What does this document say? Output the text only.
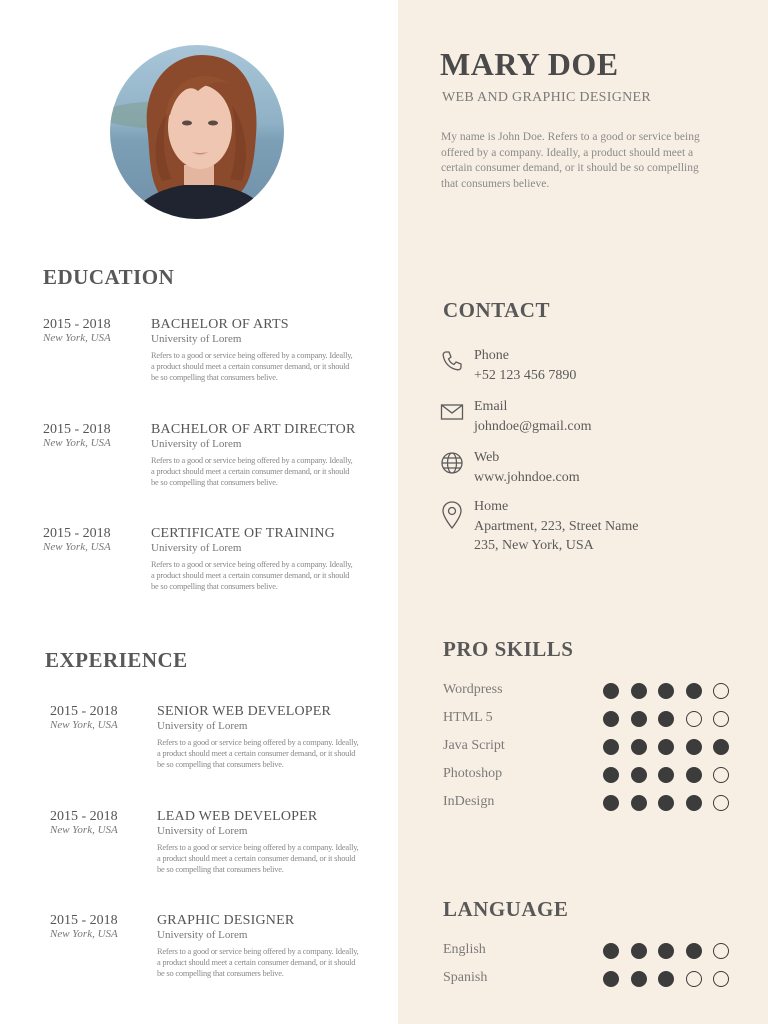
EDUCATION
2015 - 2018
New York, USA
BACHELOR OF ARTS
University of Lorem
Refers to a good or service being offered by a company. Ideally, a product should meet a certain consumer demand, or it should be so compelling that consumers belive.
2015 - 2018
New York, USA
BACHELOR OF ART DIRECTOR
University of Lorem
Refers to a good or service being offered by a company. Ideally, a product should meet a certain consumer demand, or it should be so compelling that consumers belive.
2015 - 2018
New York, USA
CERTIFICATE OF TRAINING
University of Lorem
Refers to a good or service being offered by a company. Ideally, a product should meet a certain consumer demand, or it should be so compelling that consumers belive.
EXPERIENCE
2015 - 2018
New York, USA
SENIOR WEB DEVELOPER
University of Lorem
Refers to a good or service being offered by a company. Ideally, a product should meet a certain consumer demand, or it should be so compelling that consumers belive.
2015 - 2018
New York, USA
LEAD WEB DEVELOPER
University of Lorem
Refers to a good or service being offered by a company. Ideally, a product should meet a certain consumer demand, or it should be so compelling that consumers belive.
2015 - 2018
New York, USA
GRAPHIC DESIGNER
University of Lorem
Refers to a good or service being offered by a company. Ideally, a product should meet a certain consumer demand, or it should be so compelling that consumers belive.
MARY DOE
WEB AND GRAPHIC DESIGNER
My name is John Doe. Refers to a good or service being offered by a company. Ideally, a product should meet a certain consumer demand, or it should be so compelling that consumers believe.
CONTACT
Phone
+52 123 456 7890
Email
johndoe@gmail.com
Web
www.johndoe.com
Home
Apartment, 223, Street Name 235, New York, USA
PRO SKILLS
Wordpress
HTML 5
Java Script
Photoshop
InDesign
LANGUAGE
English
Spanish
